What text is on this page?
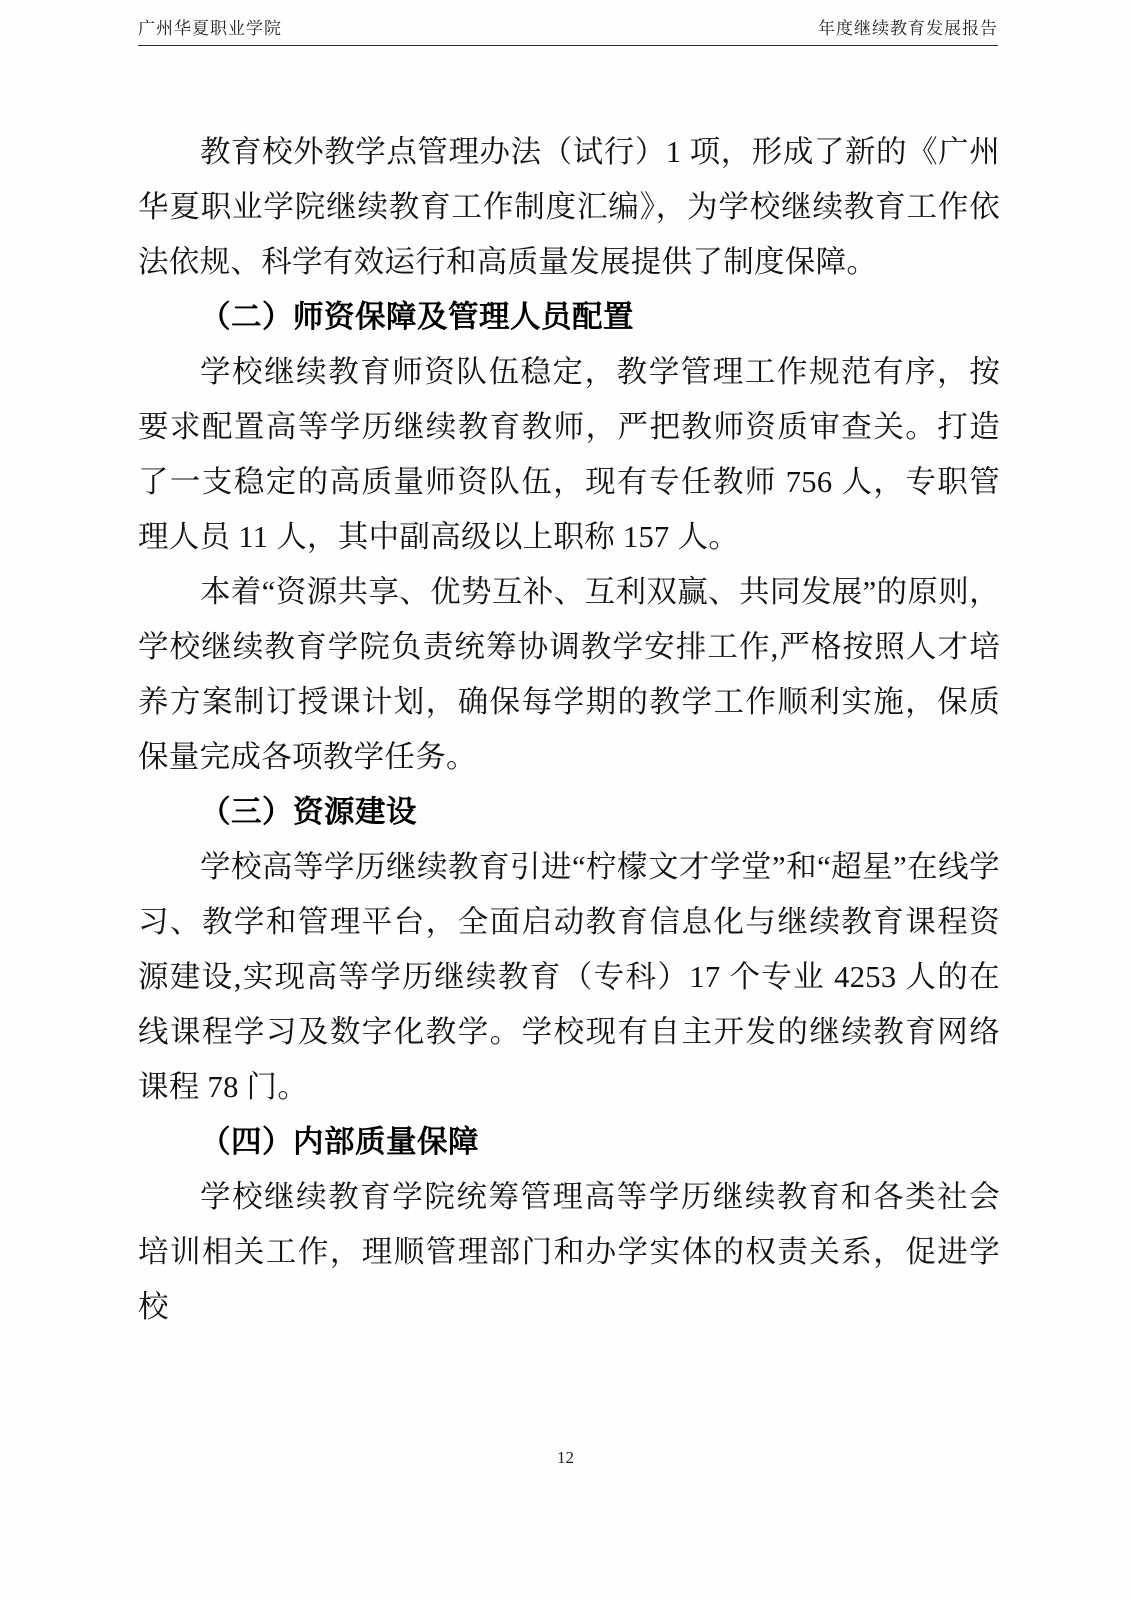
广州华夏职业学院	年度继续教育发展报告

教育校外教学点管理办法（试行）1 项，形成了新的《广州华夏职业学院继续教育工作制度汇编》，为学校继续教育工作依法依规、科学有效运行和高质量发展提供了制度保障。

（二）师资保障及管理人员配置

学校继续教育师资队伍稳定，教学管理工作规范有序，按要求配置高等学历继续教育教师，严把教师资质审查关。打造了一支稳定的高质量师资队伍，现有专任教师 756 人，专职管理人员 11 人，其中副高级以上职称 157 人。

本着“资源共享、优势互补、互利双赢、共同发展”的原则，学校继续教育学院负责统筹协调教学安排工作,严格按照人才培养方案制订授课计划，确保每学期的教学工作顺利实施，保质保量完成各项教学任务。

（三）资源建设

学校高等学历继续教育引进“柠檬文才学堂”和“超星”在线学习、教学和管理平台，全面启动教育信息化与继续教育课程资源建设,实现高等学历继续教育（专科）17 个专业 4253 人的在线课程学习及数字化教学。学校现有自主开发的继续教育网络课程 78 门。

（四）内部质量保障

学校继续教育学院统筹管理高等学历继续教育和各类社会培训相关工作，理顺管理部门和办学实体的权责关系，促进学校

12
